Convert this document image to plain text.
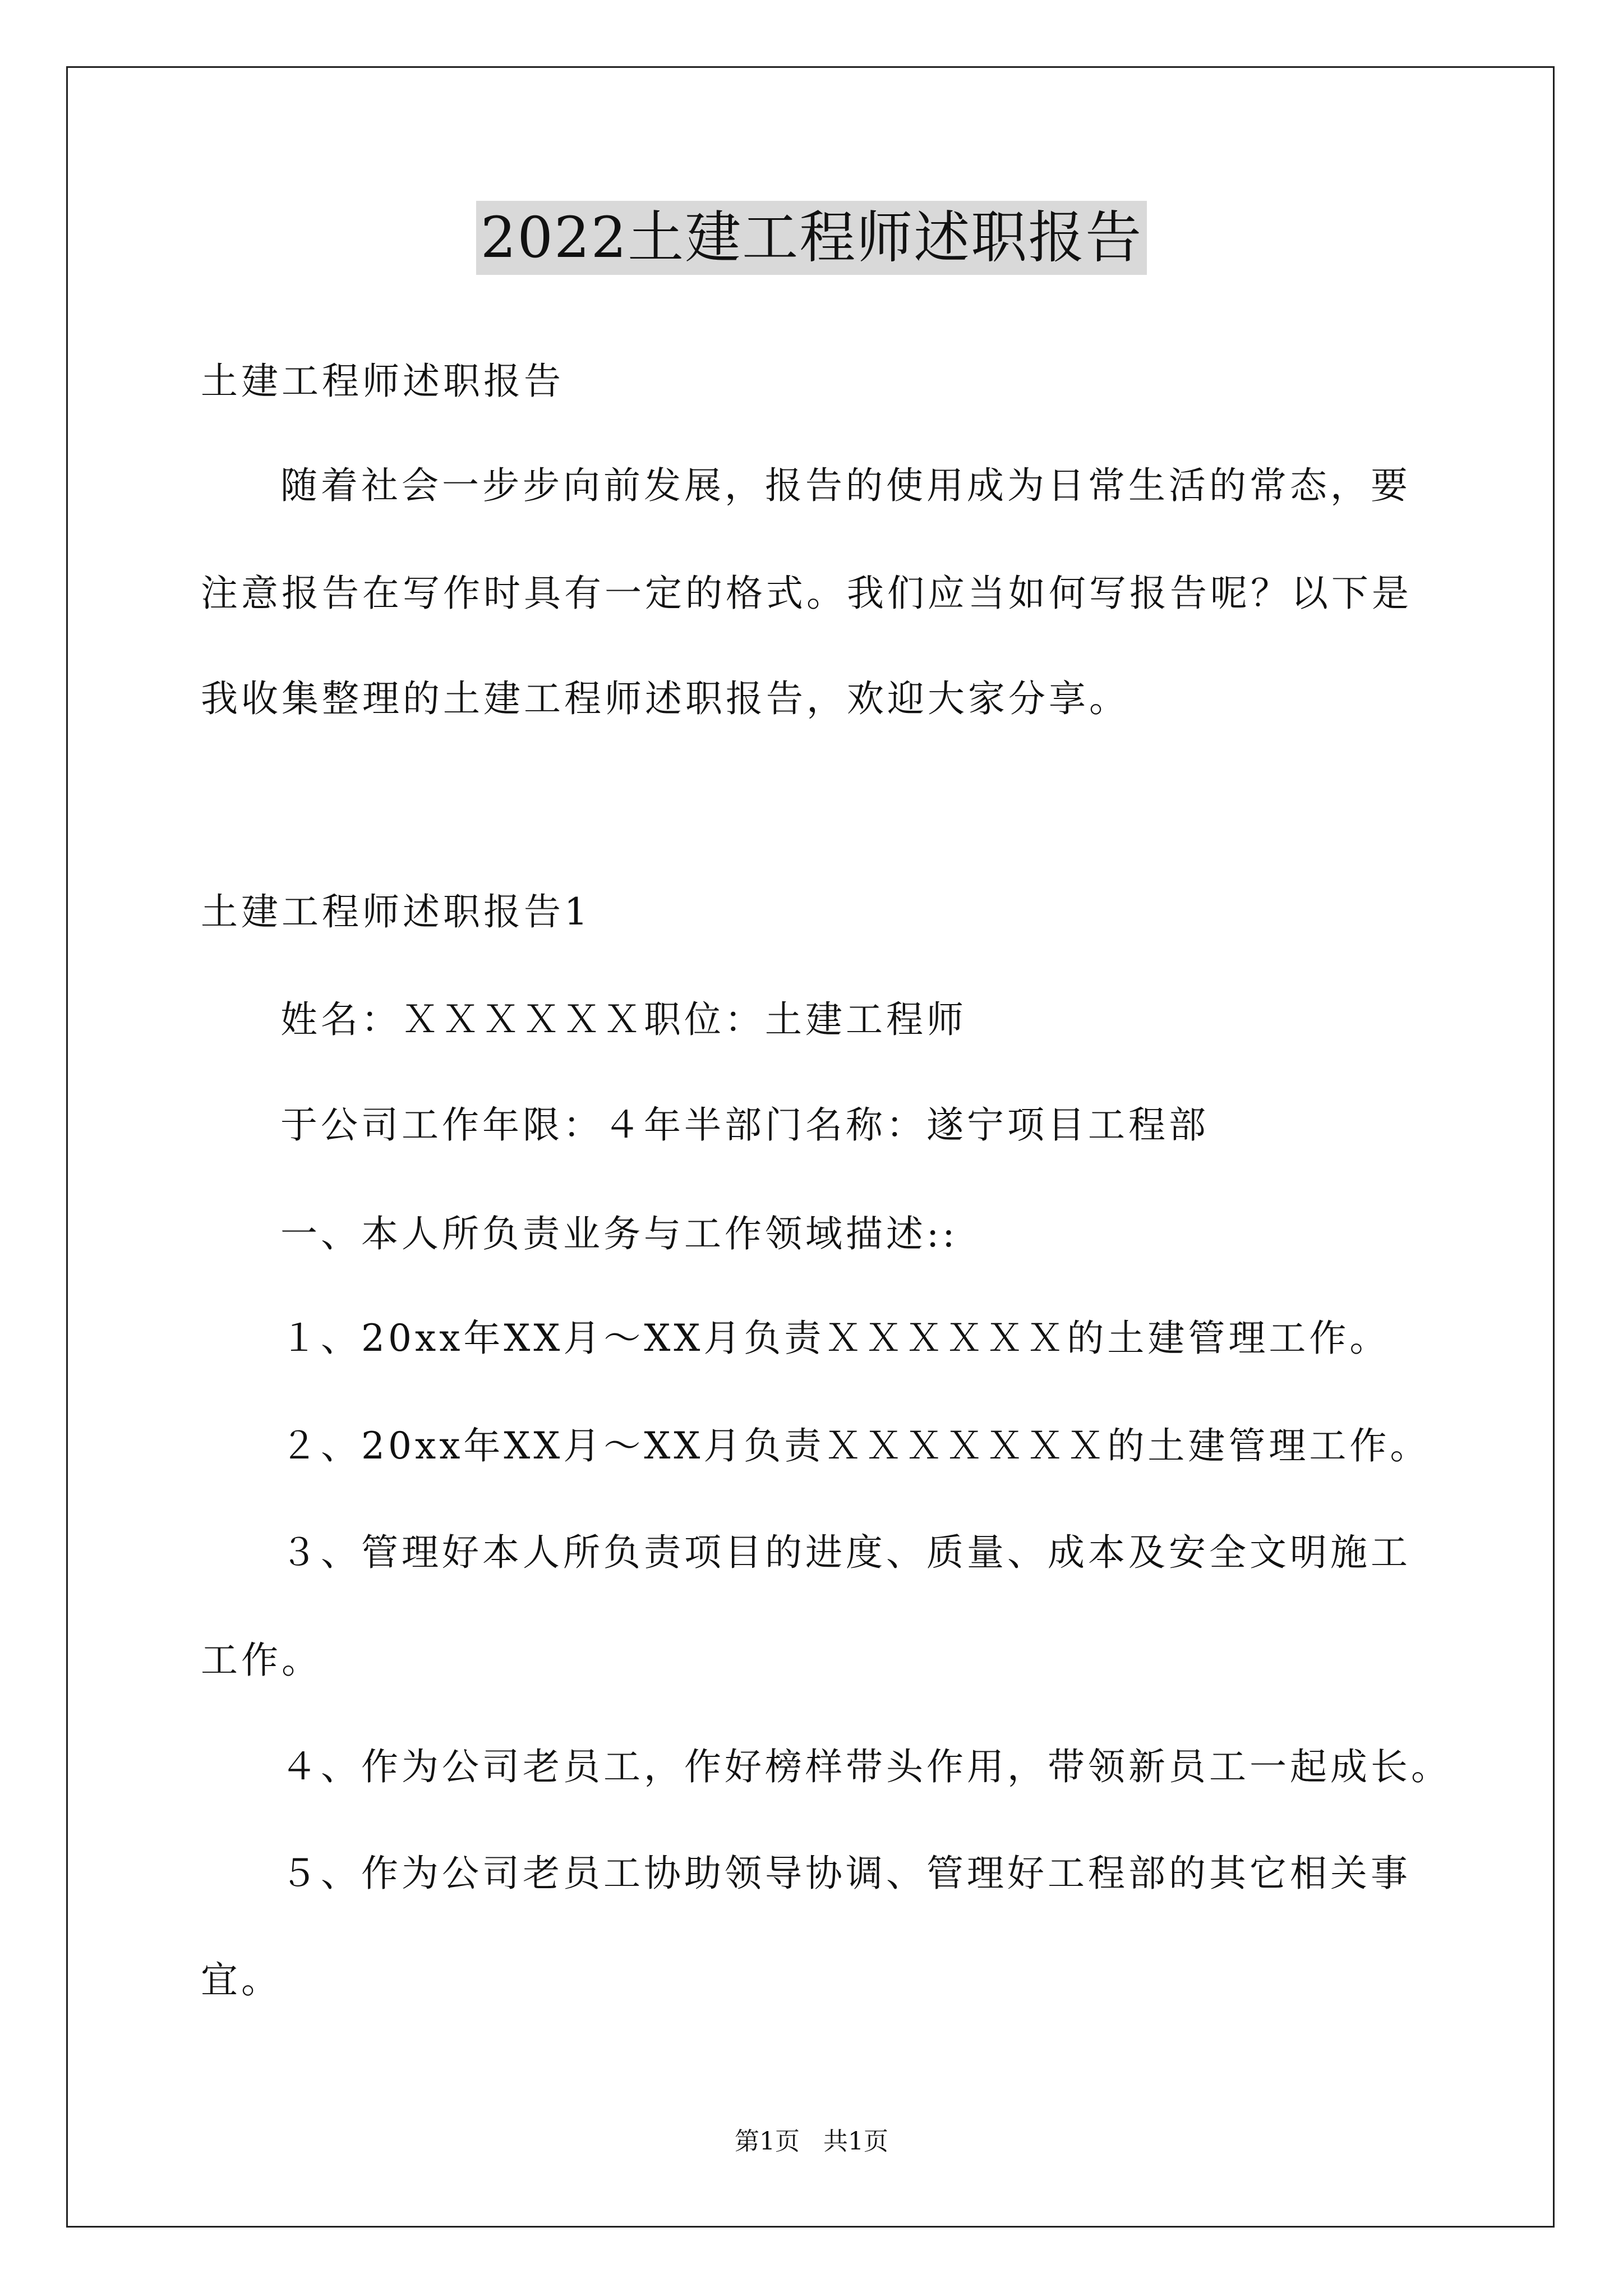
2022土建工程师述职报告
土建工程师述职报告
随着社会一步步向前发展，报告的使用成为日常生活的常态，要
注意报告在写作时具有一定的格式。我们应当如何写报告呢？以下是
我收集整理的土建工程师述职报告，欢迎大家分享。
土建工程师述职报告1
姓名：ＸＸＸＸＸＸ职位：土建工程师
于公司工作年限：４年半部门名称：遂宁项目工程部
一、本人所负责业务与工作领域描述::
１、20xx年XX月～XX月负责ＸＸＸＸＸＸ的土建管理工作。
２、20xx年XX月～XX月负责ＸＸＸＸＸＸＸ的土建管理工作。
３、管理好本人所负责项目的进度、质量、成本及安全文明施工
工作。
４、作为公司老员工，作好榜样带头作用，带领新员工一起成长。
５、作为公司老员工协助领导协调、管理好工程部的其它相关事
宜。
第1页   共1页
